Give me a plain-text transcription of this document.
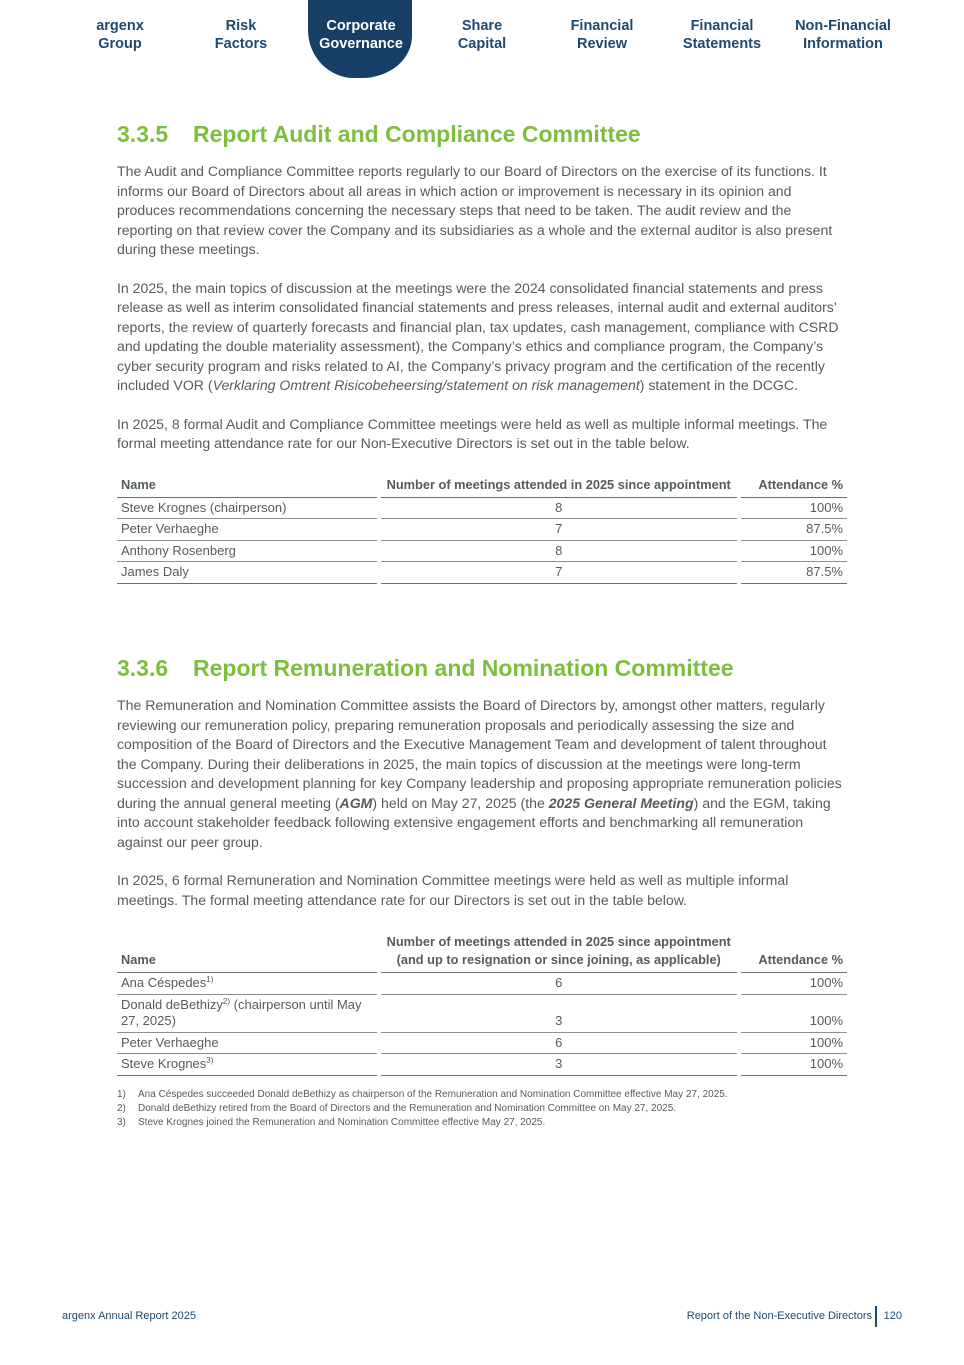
argenx
Group
Risk
Factors
Corporate
Governance
Share
Capital
Financial
Review
Financial
Statements
Non-Financial
Information
3.3.5 Report Audit and Compliance Committee

The Audit and Compliance Committee reports regularly to our Board of Directors on the exercise of its functions. It informs our Board of Directors about all areas in which action or improvement is necessary in its opinion and produces recommendations concerning the necessary steps that need to be taken. The audit review and the reporting on that review cover the Company and its subsidiaries as a whole and the external auditor is also present during these meetings.

In 2025, the main topics of discussion at the meetings were the 2024 consolidated financial statements and press release as well as interim consolidated financial statements and press releases, internal audit and external auditors’ reports, the review of quarterly forecasts and financial plan, tax updates, cash management, compliance with CSRD and updating the double materiality assessment), the Company’s ethics and compliance program, the Company’s cyber security program and risks related to AI, the Company’s privacy program and the certification of the recently included VOR (Verklaring Omtrent Risicobeheersing/statement on risk management) statement in the DCGC.

In 2025, 8 formal Audit and Compliance Committee meetings were held as well as multiple informal meetings. The formal meeting attendance rate for our Non-Executive Directors is set out in the table below.

Name	Number of meetings attended in 2025 since appointment	Attendance %
Steve Krognes (chairperson)	8	100%
Peter Verhaeghe	7	87.5%
Anthony Rosenberg	8	100%
James Daly	7	87.5%
3.3.6 Report Remuneration and Nomination Committee

The Remuneration and Nomination Committee assists the Board of Directors by, amongst other matters, regularly reviewing our remuneration policy, preparing remuneration proposals and periodically assessing the size and composition of the Board of Directors and the Executive Management Team and development of talent throughout the Company. During their deliberations in 2025, the main topics of discussion at the meetings were long-term succession and development planning for key Company leadership and proposing appropriate remuneration policies during the annual general meeting (AGM) held on May 27, 2025 (the 2025 General Meeting) and the EGM, taking into account stakeholder feedback following extensive engagement efforts and benchmarking all remuneration against our peer group.

In 2025, 6 formal Remuneration and Nomination Committee meetings were held as well as multiple informal meetings. The formal meeting attendance rate for our Directors is set out in the table below.

Name	Number of meetings attended in 2025 since appointment (and up to resignation or since joining, as applicable)	Attendance %
Ana Céspedes$^{1)}$	6	100%
Donald deBethizy$^{2)}$ (chairperson until May 27, 2025)	3	100%
Peter Verhaeghe	6	100%
Steve Krognes$^{3)}$	3	100%
1)	Ana Céspedes succeeded Donald deBethizy as chairperson of the Remuneration and Nomination Committee effective May 27, 2025.
2)	Donald deBethizy retired from the Board of Directors and the Remuneration and Nomination Committee on May 27, 2025.
3)	Steve Krognes joined the Remuneration and Nomination Committee effective May 27, 2025.
argenx Annual Report 2025	Report of the Non-Executive Directors 120
